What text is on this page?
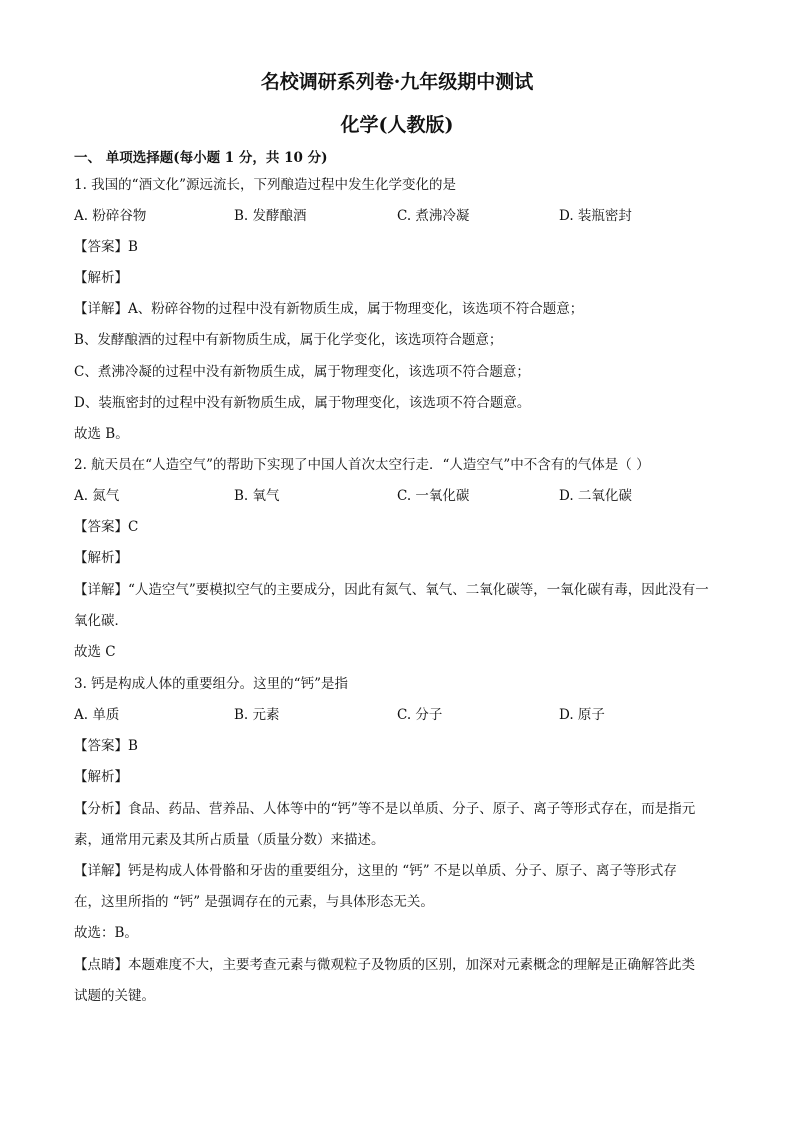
名校调研系列卷·九年级期中测试
化学(人教版)
一、 单项选择题(每小题 1 分，共 10 分)
1. 我国的“酒文化”源远流长，下列酿造过程中发生化学变化的是
A. 粉碎谷物	B. 发酵酿酒	C. 煮沸冷凝	D. 装瓶密封
【答案】B
【解析】
【详解】A、粉碎谷物的过程中没有新物质生成，属于物理变化，该选项不符合题意；
B、发酵酿酒的过程中有新物质生成，属于化学变化，该选项符合题意；
C、煮沸冷凝的过程中没有新物质生成，属于物理变化，该选项不符合题意；
D、装瓶密封的过程中没有新物质生成，属于物理变化，该选项不符合题意。
故选 B。
2. 航天员在“人造空气”的帮助下实现了中国人首次太空行走．“人造空气”中不含有的气体是（ ）
A. 氮气	B. 氧气	C. 一氧化碳	D. 二氧化碳
【答案】C
【解析】
【详解】“人造空气”要模拟空气的主要成分，因此有氮气、氧气、二氧化碳等，一氧化碳有毒，因此没有一
氧化碳．
故选 C
3. 钙是构成人体的重要组分。这里的“钙”是指
A. 单质	B. 元素	C. 分子	D. 原子
【答案】B
【解析】
【分析】食品、药品、营养品、人体等中的“钙”等不是以单质、分子、原子、离子等形式存在，而是指元
素，通常用元素及其所占质量（质量分数）来描述。
【详解】钙是构成人体骨骼和牙齿的重要组分，这里的 “钙” 不是以单质、分子、原子、离子等形式存
在，这里所指的 “钙” 是强调存在的元素，与具体形态无关。
故选：B。
【点睛】本题难度不大，主要考查元素与微观粒子及物质的区别，加深对元素概念的理解是正确解答此类
试题的关键。
